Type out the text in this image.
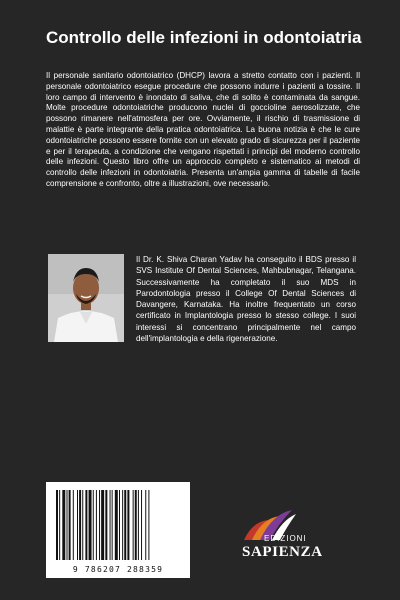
Controllo delle infezioni in odontoiatria

Il personale sanitario odontoiatrico (DHCP) lavora a stretto contatto con i pazienti. Il personale odontoiatrico esegue procedure che possono indurre i pazienti a tossire. Il loro campo di intervento è inondato di saliva, che di solito è contaminata da sangue. Molte procedure odontoiatriche producono nuclei di goccioline aerosolizzate, che possono rimanere nell'atmosfera per ore. Ovviamente, il rischio di trasmissione di malattie è parte integrante della pratica odontoiatrica. La buona notizia è che le cure odontoiatriche possono essere fornite con un elevato grado di sicurezza per il paziente e per il terapeuta, a condizione che vengano rispettati i principi del moderno controllo delle infezioni. Questo libro offre un approccio completo e sistematico ai metodi di controllo delle infezioni in odontoiatria. Presenta un'ampia gamma di tabelle di facile comprensione e confronto, oltre a illustrazioni, ove necessario.

Il Dr. K. Shiva Charan Yadav ha conseguito il BDS presso il SVS Institute Of Dental Sciences, Mahbubnagar, Telangana. Successivamente ha completato il suo MDS in Parodontologia presso il College Of Dental Sciences di Davangere, Karnataka. Ha inoltre frequentato un corso certificato in Implantologia presso lo stesso college. I suoi interessi si concentrano principalmente nel campo dell'implantologia e della rigenerazione.

9 786207 288359
EDIZIONI
SAPIENZA
